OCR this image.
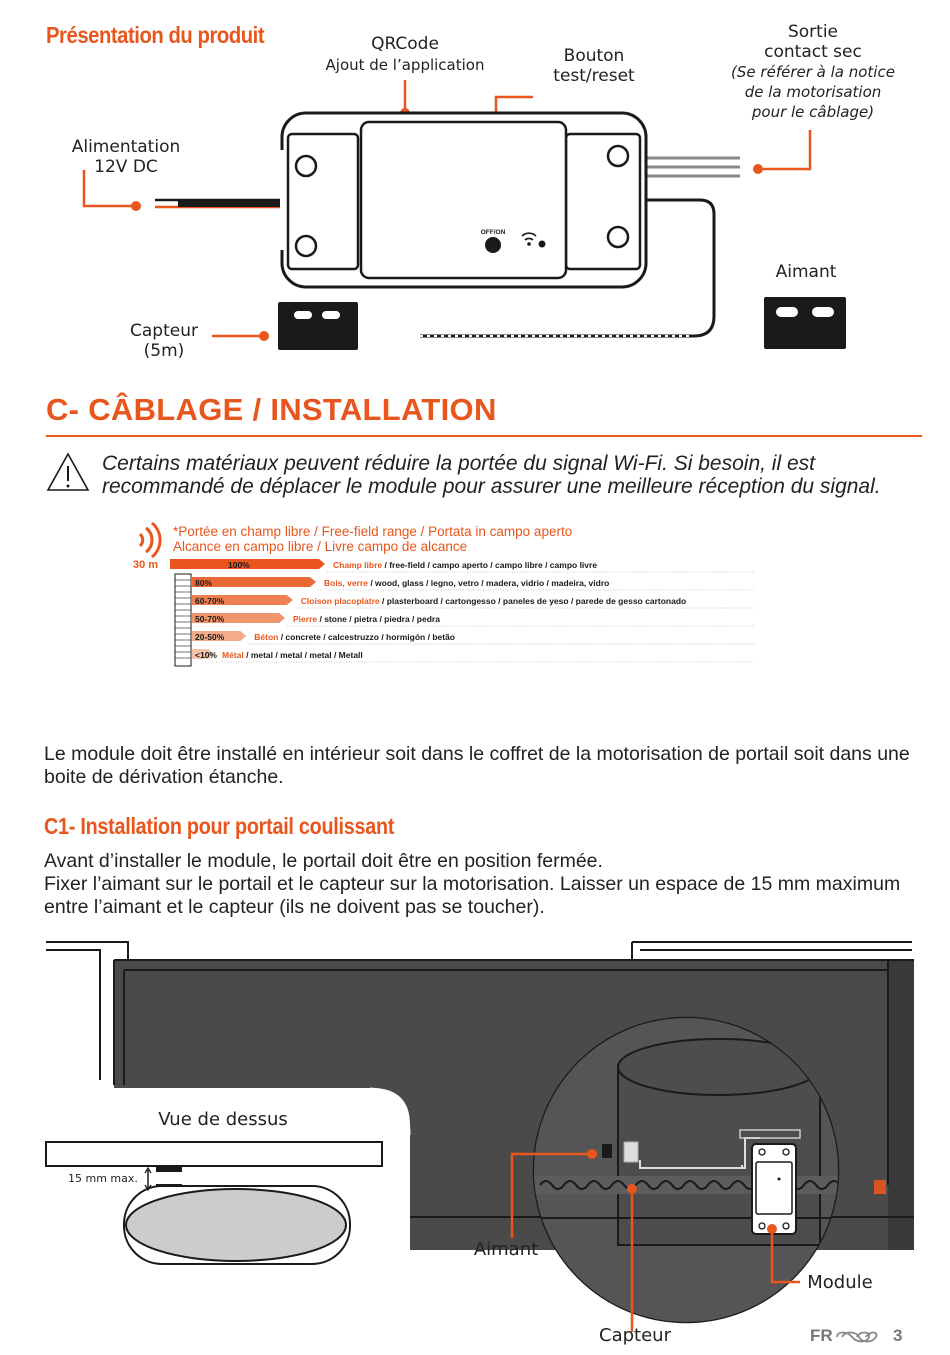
Présentation du produit	QRCode
Ajout de l’application	Bouton
test/reset
Sortie
contact sec
(Se référer à la notice
de la motorisation
pour le câblage)
Alimentation
12V DC
Aimant
Capteur
(5m)
OFF/ON
C- CÂBLAGE / INSTALLATION
Certains matériaux peuvent réduire la portée du signal Wi-Fi. Si besoin, il est recommandé de déplacer le module pour assurer une meilleure réception du signal.
*Portée en champ libre / Free-field range / Portata in campo aperto
Alcance en campo libre / Livre campo de alcance
30 m	100%	Champ libre / free-field / campo aperto / campo libre / campo livre
80%	Bois, verre / wood, glass / legno, vetro / madera, vidrio / madeira, vidro
60-70%	Cloison placoplatre / plasterboard / cartongesso / paneles de yeso / parede de gesso cartonado
50-70%	Pierre / stone / pietra / piedra / pedra
20-50%	Béton / concrete / calcestruzzo / hormigón / betão
<10% Métal / metal / metal / metal / Metall
Le module doit être installé en intérieur soit dans le coffret de la motorisation de portail soit dans une boite de dérivation étanche.
C1- Installation pour portail coulissant
Avant d’installer le module, le portail doit être en position fermée.
Fixer l’aimant sur le portail et le capteur sur la motorisation. Laisser un espace de 15 mm maximum entre l’aimant et le capteur (ils ne doivent pas se toucher).
Vue de dessus
15 mm max.
Aimant
Capteur
Module
FR	3
